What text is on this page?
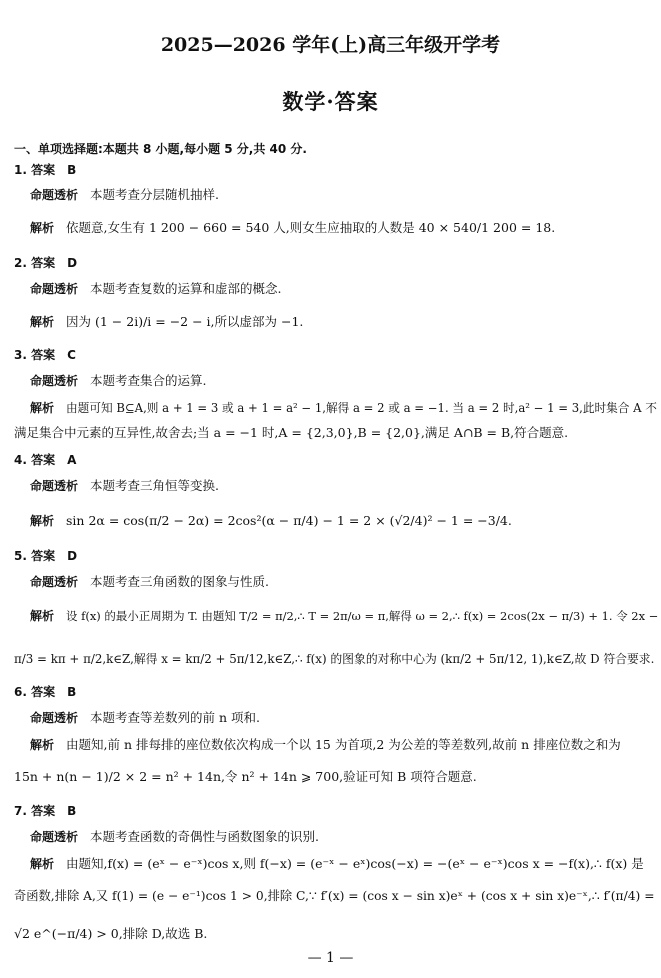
2025—2026 学年(上)高三年级开学考
数学·答案
一、单项选择题:本题共 8 小题,每小题 5 分,共 40 分.
1. 答案　B
命题透析 本题考查分层随机抽样.
解析 依题意,女生有 1 200 − 660 = 540 人,则女生应抽取的人数是 40 × 540/1 200 = 18.
2. 答案　D
命题透析 本题考查复数的运算和虚部的概念.
解析 因为 (1 − 2i)/i = −2 − i,所以虚部为 −1.
3. 答案　C
命题透析 本题考查集合的运算.
解析 由题可知 B⊆A,则 a + 1 = 3 或 a + 1 = a² − 1,解得 a = 2 或 a = −1. 当 a = 2 时,a² − 1 = 3,此时集合 A 不
满足集合中元素的互异性,故舍去;当 a = −1 时,A = {2,3,0},B = {2,0},满足 A∩B = B,符合题意.
4. 答案　A
命题透析 本题考查三角恒等变换.
解析 sin 2α = cos(π/2 − 2α) = 2cos²(α − π/4) − 1 = 2 × (√2/4)² − 1 = −3/4.
5. 答案　D
命题透析 本题考查三角函数的图象与性质.
解析 设 f(x) 的最小正周期为 T. 由题知 T/2 = π/2,∴ T = 2π/ω = π,解得 ω = 2,∴ f(x) = 2cos(2x − π/3) + 1. 令 2x −
π/3 = kπ + π/2,k∈Z,解得 x = kπ/2 + 5π/12,k∈Z,∴ f(x) 的图象的对称中心为 (kπ/2 + 5π/12, 1),k∈Z,故 D 符合要求.
6. 答案　B
命题透析 本题考查等差数列的前 n 项和.
解析 由题知,前 n 排每排的座位数依次构成一个以 15 为首项,2 为公差的等差数列,故前 n 排座位数之和为
15n + n(n − 1)/2 × 2 = n² + 14n,令 n² + 14n ⩾ 700,验证可知 B 项符合题意.
7. 答案　B
命题透析 本题考查函数的奇偶性与函数图象的识别.
解析 由题知,f(x) = (eˣ − e⁻ˣ)cos x,则 f(−x) = (e⁻ˣ − eˣ)cos(−x) = −(eˣ − e⁻ˣ)cos x = −f(x),∴ f(x) 是
奇函数,排除 A,又 f(1) = (e − e⁻¹)cos 1 > 0,排除 C,∵ f′(x) = (cos x − sin x)eˣ + (cos x + sin x)e⁻ˣ,∴ f′(π/4) =
√2 e^(−π/4) > 0,排除 D,故选 B.
— 1 —
